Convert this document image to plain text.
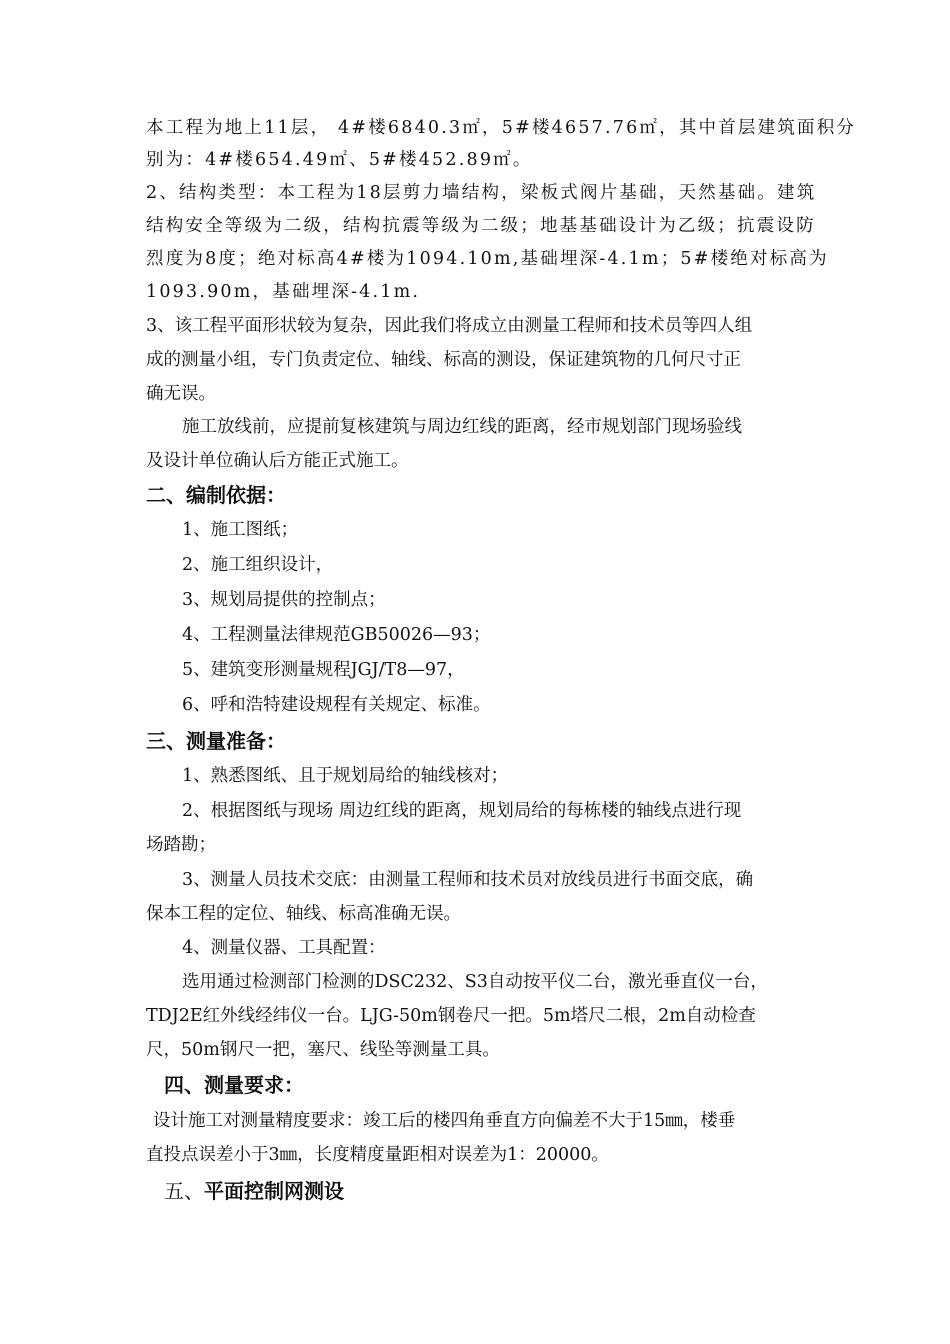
本工程为地上11层， 4#楼6840.3㎡，5#楼4657.76㎡，其中首层建筑面积分
别为：4#楼654.49㎡、5#楼452.89㎡。
2、结构类型：本工程为18层剪力墙结构，梁板式阀片基础，天然基础。建筑
结构安全等级为二级，结构抗震等级为二级；地基基础设计为乙级；抗震设防
烈度为8度；绝对标高4#楼为1094.10m,基础埋深-4.1m；5#楼绝对标高为
1093.90m，基础埋深-4.1m.
3、该工程平面形状较为复杂，因此我们将成立由测量工程师和技术员等四人组
成的测量小组，专门负责定位、轴线、标高的测设，保证建筑物的几何尺寸正
确无误。
施工放线前，应提前复核建筑与周边红线的距离，经市规划部门现场验线
及设计单位确认后方能正式施工。
二、编制依据：
1、施工图纸；
2、施工组织设计，
3、规划局提供的控制点；
4、工程测量法律规范GB50026—93；
5、建筑变形测量规程JGJ/T8—97，
6、呼和浩特建设规程有关规定、标准。
三、测量准备：
1、熟悉图纸、且于规划局给的轴线核对；
2、根据图纸与现场 周边红线的距离，规划局给的每栋楼的轴线点进行现
场踏勘；
3、测量人员技术交底：由测量工程师和技术员对放线员进行书面交底，确
保本工程的定位、轴线、标高准确无误。
4、测量仪器、工具配置：
选用通过检测部门检测的DSC232、S3自动按平仪二台，激光垂直仪一台，
TDJ2E红外线经纬仪一台。LJG-50m钢卷尺一把。5m塔尺二根，2m自动检查
尺，50m钢尺一把，塞尺、线坠等测量工具。
四、测量要求：
设计施工对测量精度要求：竣工后的楼四角垂直方向偏差不大于15㎜，楼垂
直投点误差小于3㎜，长度精度量距相对误差为1：20000。
五、平面控制网测设
